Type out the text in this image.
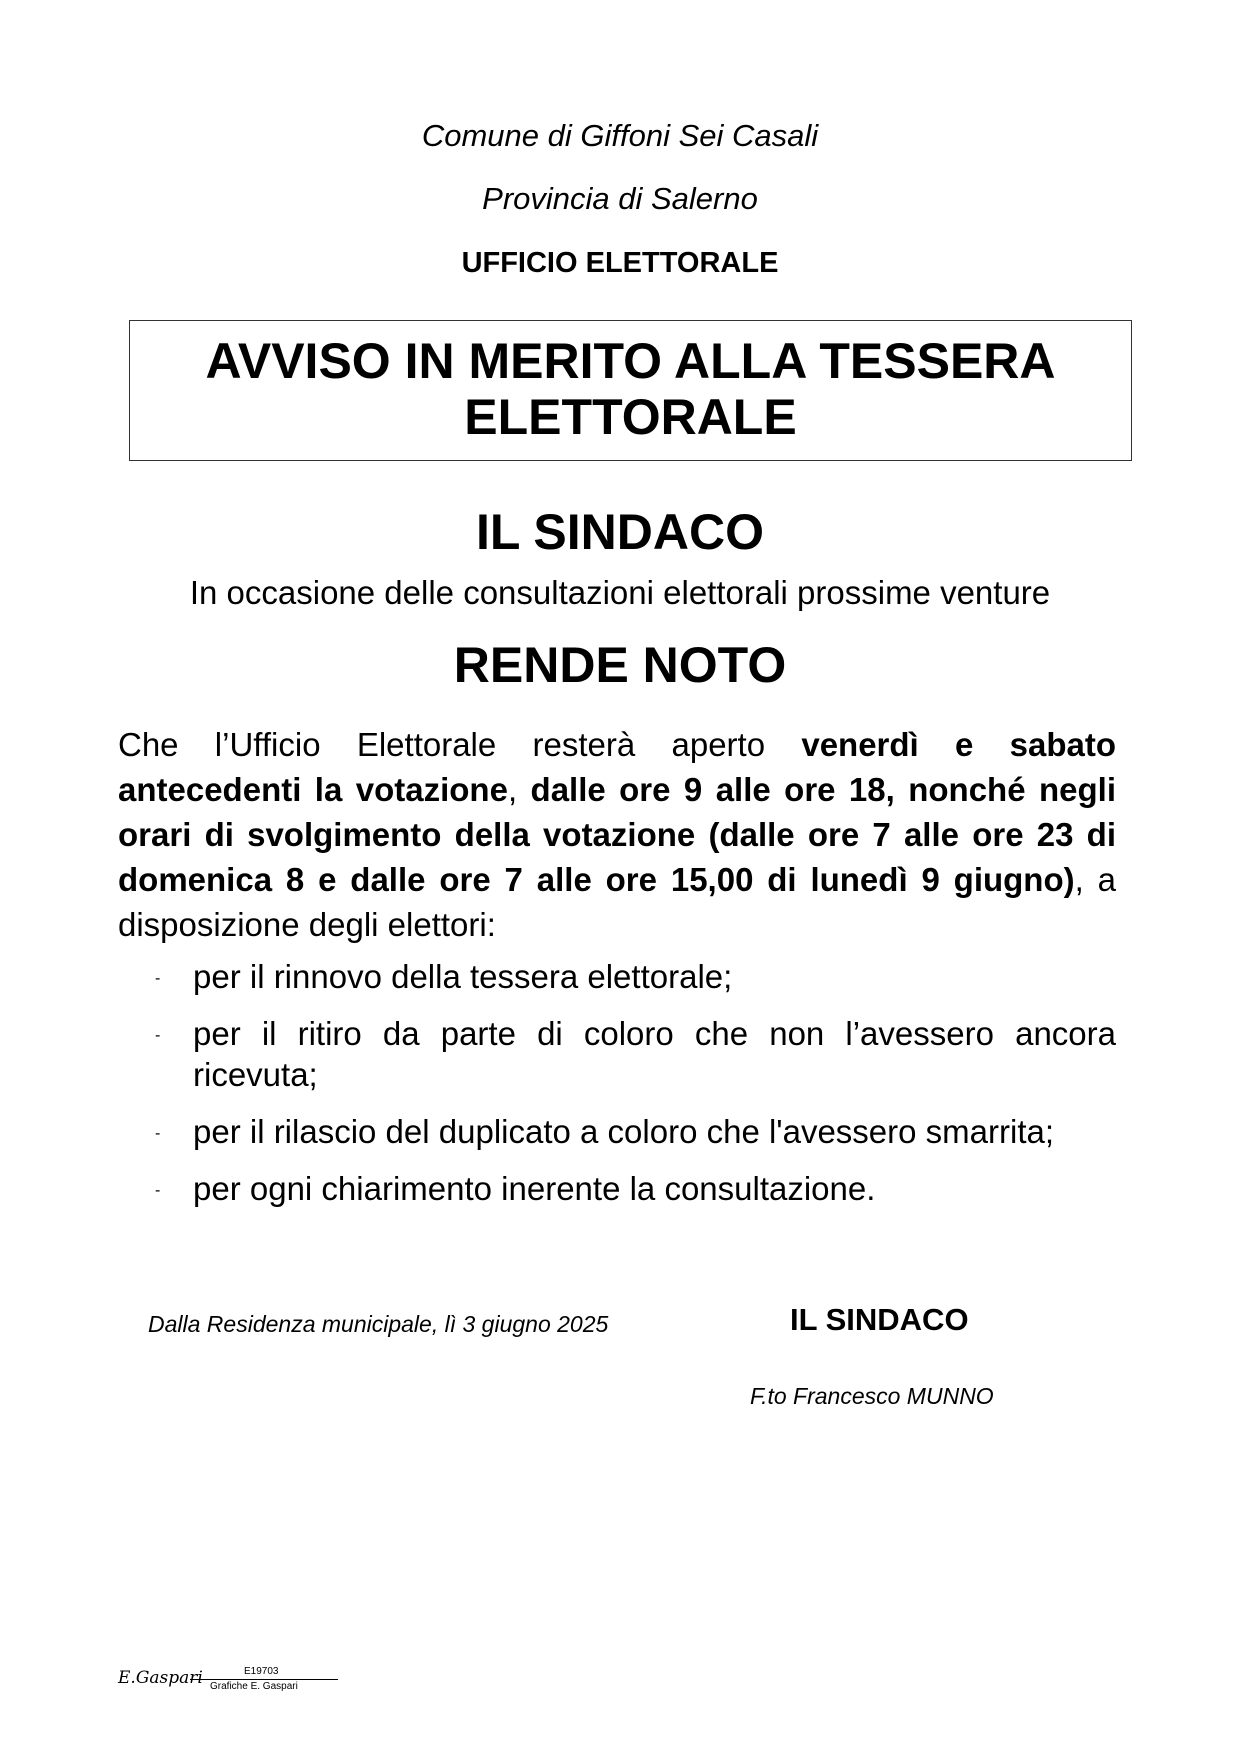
Comune di Giffoni Sei Casali
Provincia di Salerno
UFFICIO ELETTORALE
AVVISO IN MERITO ALLA TESSERA
ELETTORALE
IL SINDACO
In occasione delle consultazioni elettorali prossime venture
RENDE NOTO
Che l’Ufficio Elettorale resterà aperto venerdì e sabato antecedenti la votazione, dalle ore 9 alle ore 18, nonché negli orari di svolgimento della votazione (dalle ore 7 alle ore 23 di domenica 8 e dalle ore 7 alle ore 15,00 di lunedì 9 giugno), a disposizione degli elettori:
- per il rinnovo della tessera elettorale;
- per il ritiro da parte di coloro che non l’avessero ancora ricevuta;
- per il rilascio del duplicato a coloro che l'avessero smarrita;
- per ogni chiarimento inerente la consultazione.
Dalla Residenza municipale, lì 3 giugno 2025	IL SINDACO
F.to Francesco MUNNO
E.Gaspari	E19703
Grafiche E. Gaspari
